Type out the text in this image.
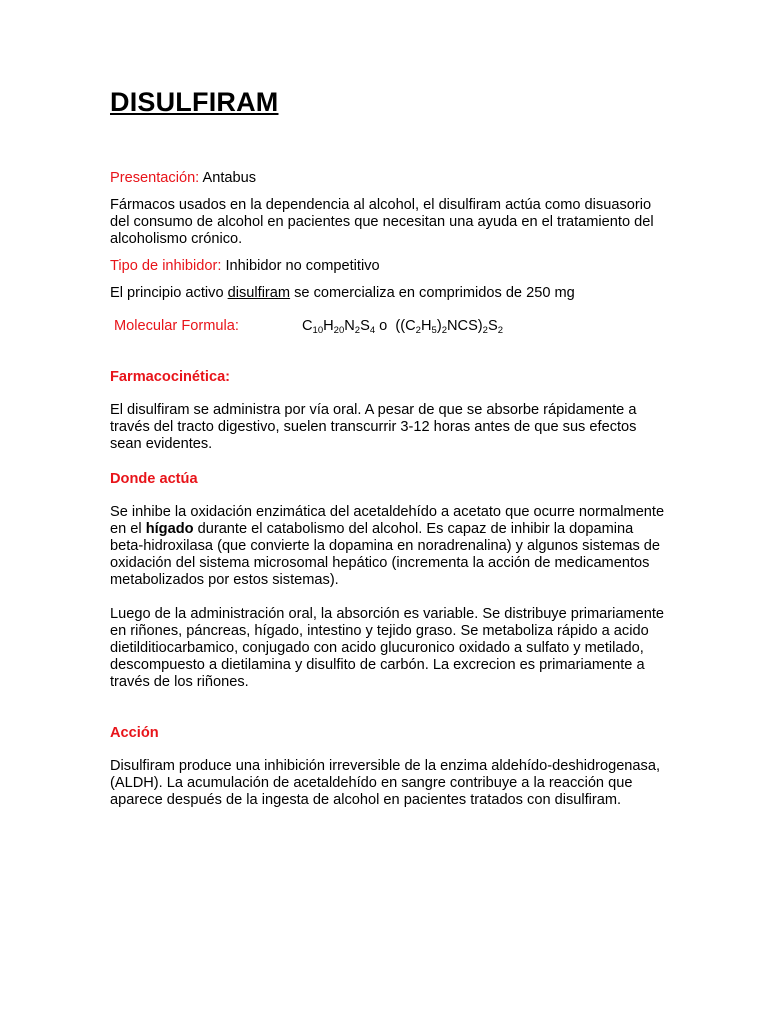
DISULFIRAM

Presentación: Antabus

Fármacos usados en la dependencia al alcohol, el disulfiram actúa como disuasorio del consumo de alcohol en pacientes que necesitan una ayuda en el tratamiento del alcoholismo crónico.

Tipo de inhibidor: Inhibidor no competitivo

El principio activo disulfiram se comercializa en comprimidos de 250 mg

Molecular Formula:	$C_{10}H_{20}N_2S_4$ o  $((C_2H_5)_2NCS)_2S_2$

Farmacocinética:

El disulfiram se administra por vía oral. A pesar de que se absorbe rápidamente a través del tracto digestivo, suelen transcurrir 3-12 horas antes de que sus efectos sean evidentes.

Donde actúa

Se inhibe la oxidación enzimática del acetaldehído a acetato que ocurre normalmente en el hígado durante el catabolismo del alcohol. Es capaz de inhibir la dopamina beta-hidroxilasa (que convierte la dopamina en noradrenalina) y algunos sistemas de oxidación del sistema microsomal hepático (incrementa la acción de medicamentos metabolizados por estos sistemas).

Luego de la administración oral, la absorción es variable. Se distribuye primariamente en riñones, páncreas, hígado, intestino y tejido graso. Se metaboliza rápido a acido dietilditiocarbamico, conjugado con acido glucuronico oxidado a sulfato y metilado, descompuesto a dietilamina y disulfito de carbón. La excrecion es primariamente a través de los riñones.

Acción

Disulfiram produce una inhibición irreversible de la enzima aldehído-deshidrogenasa, (ALDH). La acumulación de acetaldehído en sangre contribuye a la reacción que aparece después de la ingesta de alcohol en pacientes tratados con disulfiram.
